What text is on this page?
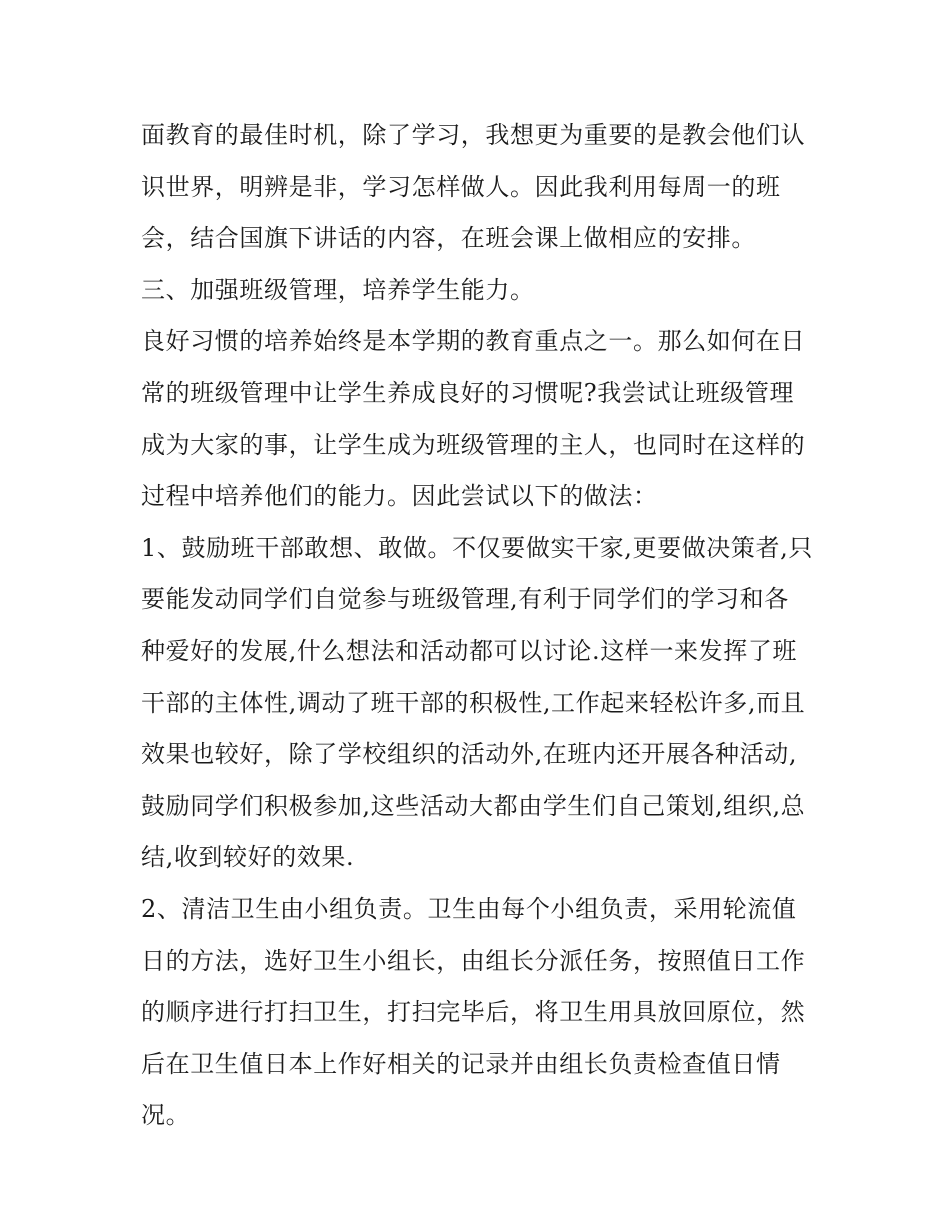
面教育的最佳时机，除了学习，我想更为重要的是教会他们认
识世界，明辨是非，学习怎样做人。因此我利用每周一的班
会，结合国旗下讲话的内容，在班会课上做相应的安排。
三、加强班级管理，培养学生能力。
良好习惯的培养始终是本学期的教育重点之一。那么如何在日
常的班级管理中让学生养成良好的习惯呢?我尝试让班级管理
成为大家的事，让学生成为班级管理的主人，也同时在这样的
过程中培养他们的能力。因此尝试以下的做法：
1、鼓励班干部敢想、敢做。不仅要做实干家,更要做决策者,只
要能发动同学们自觉参与班级管理,有利于同学们的学习和各
种爱好的发展,什么想法和活动都可以讨论.这样一来发挥了班
干部的主体性,调动了班干部的积极性,工作起来轻松许多,而且
效果也较好，除了学校组织的活动外,在班内还开展各种活动,
鼓励同学们积极参加,这些活动大都由学生们自己策划,组织,总
结,收到较好的效果.
2、清洁卫生由小组负责。卫生由每个小组负责，采用轮流值
日的方法，选好卫生小组长，由组长分派任务，按照值日工作
的顺序进行打扫卫生，打扫完毕后，将卫生用具放回原位，然
后在卫生值日本上作好相关的记录并由组长负责检查值日情
况。
